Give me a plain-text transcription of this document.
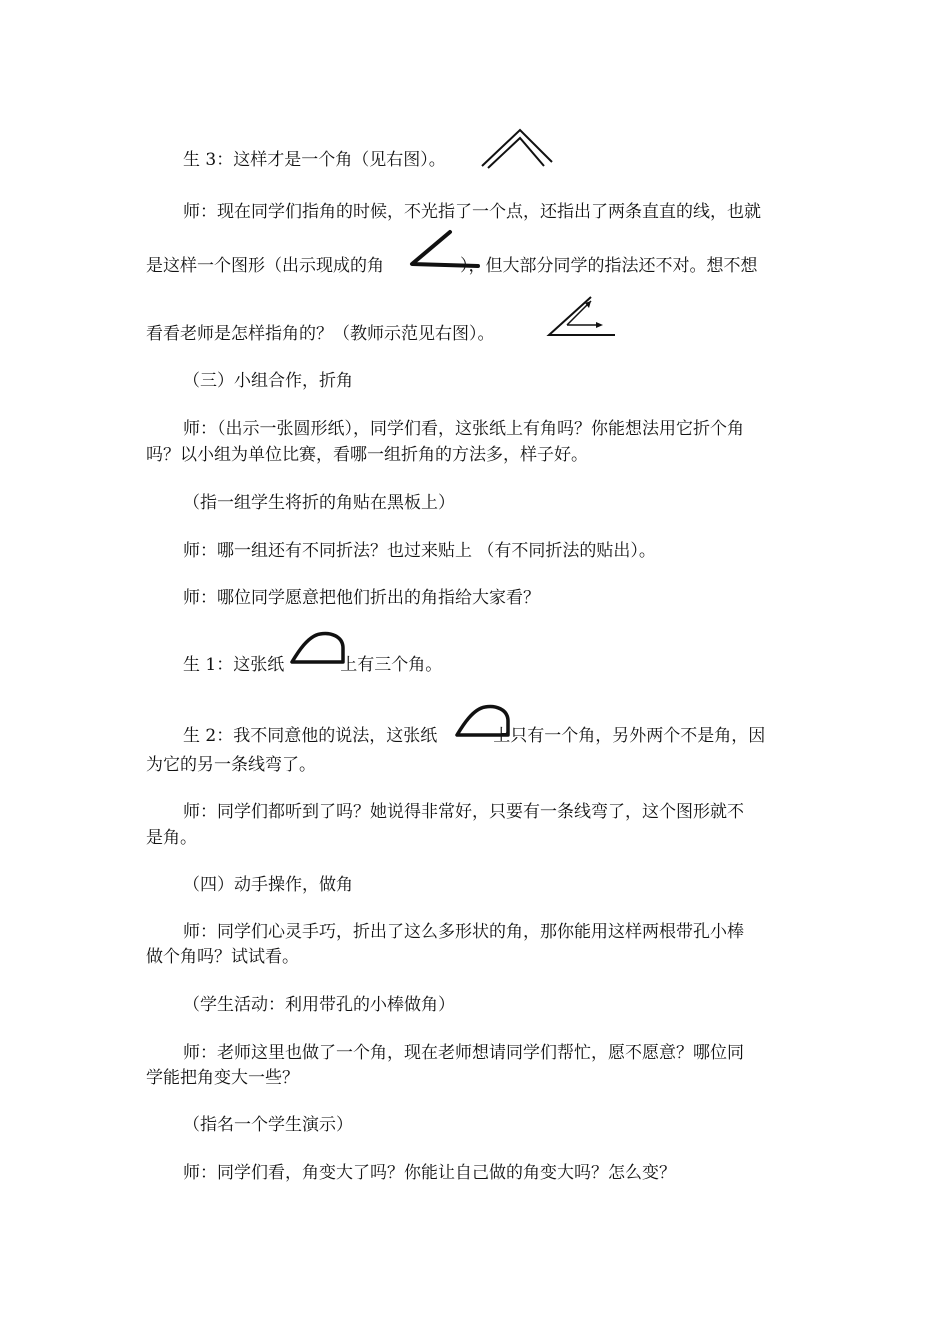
生 3：这样才是一个角（见右图）。
师：现在同学们指角的时候，不光指了一个点，还指出了两条直直的线，也就
是这样一个图形（出示现成的角	），但大部分同学的指法还不对。想不想
看看老师是怎样指角的？（教师示范见右图）。
（三）小组合作，折角
师：（出示一张圆形纸），同学们看，这张纸上有角吗？你能想法用它折个角
吗？以小组为单位比赛，看哪一组折角的方法多，样子好。
（指一组学生将折的角贴在黑板上）
师：哪一组还有不同折法？也过来贴上 （有不同折法的贴出）。
师：哪位同学愿意把他们折出的角指给大家看？
生 1：这张纸	上有三个角。
生 2：我不同意他的说法，这张纸	上只有一个角，另外两个不是角，因
为它的另一条线弯了。
师：同学们都听到了吗？她说得非常好，只要有一条线弯了，这个图形就不
是角。
（四）动手操作，做角
师：同学们心灵手巧，折出了这么多形状的角，那你能用这样两根带孔小棒
做个角吗？试试看。
（学生活动：利用带孔的小棒做角）
师：老师这里也做了一个角，现在老师想请同学们帮忙，愿不愿意？哪位同
学能把角变大一些？
（指名一个学生演示）
师：同学们看，角变大了吗？你能让自己做的角变大吗？怎么变？
